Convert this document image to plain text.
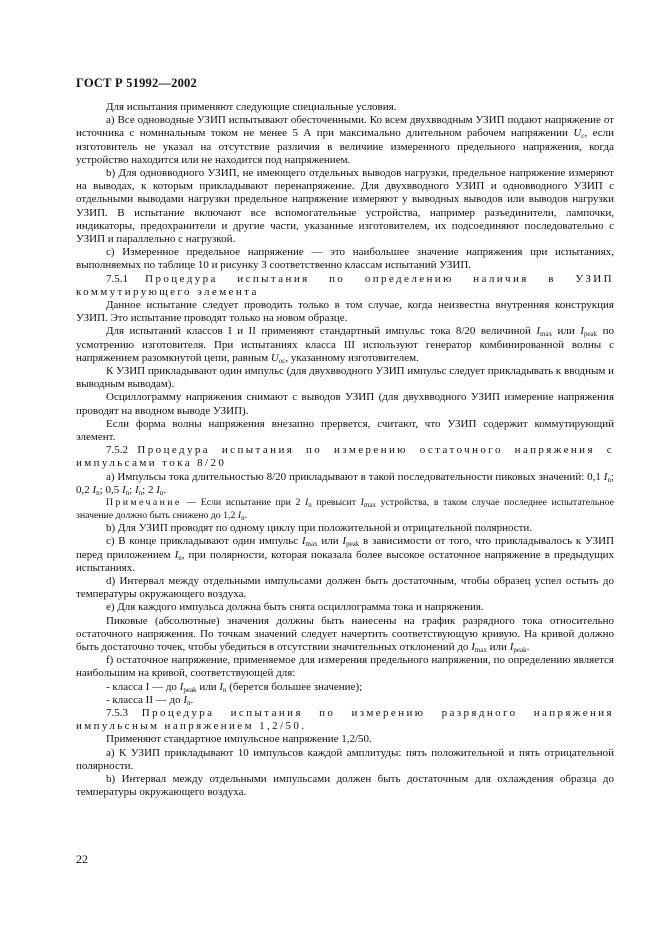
ГОСТ Р 51992—2002

Для испытания применяют следующие специальные условия.

а) Все одноводные УЗИП испытывают обесточенными. Ко всем двухвводным УЗИП подают напряжение от источника с номинальным током не менее 5 А при максимально длительном рабочем напряжении $U_c$, если изготовитель не указал на отсутствие различия в величине измеренного предельного напряжения, когда устройство находится или не находится под напряжением.

b) Для одновводного УЗИП, не имеющего отдельных выводов нагрузки, предельное напряжение измеряют на выводах, к которым прикладывают перенапряжение. Для двухвводного УЗИП и одновводного УЗИП с отдельными выводами нагрузки предельное напряжение измеряют у выводных выводов или выводов нагрузки УЗИП. В испытание включают все вспомогательные устройства, например разъединители, лампочки, индикаторы, предохранители и другие части, указанные изготовителем, их подсоединяют последовательно с УЗИП и параллельно с нагрузкой.

с) Измеренное предельное напряжение — это наибольшее значение напряжения при испытаниях, выполняемых по таблице 10 и рисунку 3 соответственно классам испытаний УЗИП.

7.5.1 Процедура испытания по определению наличия в УЗИП коммутирующего элемента

Данное испытание следует проводить только в том случае, когда неизвестна внутренняя конструкция УЗИП. Это испытание проводят только на новом образце.

Для испытаний классов I и II применяют стандартный импульс тока 8/20 величиной $I_{max}$ или $I_{peak}$ по усмотрению изготовителя. При испытаниях класса III используют генератор комбинированной волны с напряжением разомкнутой цепи, равным $U_{oc}$, указанному изготовителем.

К УЗИП прикладывают один импульс (для двухвводного УЗИП импульс следует прикладывать к вводным и выводным выводам).

Осциллограмму напряжения снимают с выводов УЗИП (для двухвводного УЗИП измерение напряжения проводят на вводном выводе УЗИП).

Если форма волны напряжения внезапно прервется, считают, что УЗИП содержит коммутирующий элемент.

7.5.2 Процедура испытания по измерению остаточного напряжения с импульсами тока 8/20

а) Импульсы тока длительностью 8/20 прикладывают в такой последовательности пиковых значений: 0,1 $I_n$; 0,2 $I_n$; 0,5 $I_n$; $I_n$; 2 $I_n$.

Примечание — Если испытание при 2 $I_n$ превысит $I_{max}$ устройства, в таком случае последнее испытательное значение должно быть снижено до 1,2 $I_n$.

b) Для УЗИП проводят по одному циклу при положительной и отрицательной полярности.

с) В конце прикладывают один импульс $I_{max}$ или $I_{peak}$ в зависимости от того, что прикладывалось к УЗИП перед приложением $I_n$, при полярности, которая показала более высокое остаточное напряжение в предыдущих испытаниях.

d) Интервал между отдельными импульсами должен быть достаточным, чтобы образец успел остыть до температуры окружающего воздуха.

е) Для каждого импульса должна быть снята осциллограмма тока и напряжения.

Пиковые (абсолютные) значения должны быть нанесены на график разрядного тока относительно остаточного напряжения. По точкам значений следует начертить соответствующую кривую. На кривой должно быть достаточно точек, чтобы убедиться в отсутствии значительных отклонений до $I_{max}$ или $I_{peak}$.

f) остаточное напряжение, применяемое для измерения предельного напряжения, по определению является наибольшим на кривой, соответствующей для:

- класса I — до $I_{peak}$ или $I_n$ (берется большее значение);

- класса II — до $I_n$.

7.5.3 Процедура испытания по измерению разрядного напряжения импульсным напряжением 1,2/50.

Применяют стандартное импульсное напряжение 1,2/50.

а) К УЗИП прикладывают 10 импульсов каждой амплитуды: пять положительной и пять отрицательной полярности.

b) Интервал между отдельными импульсами должен быть достаточным для охлаждения образца до температуры окружающего воздуха.

22
